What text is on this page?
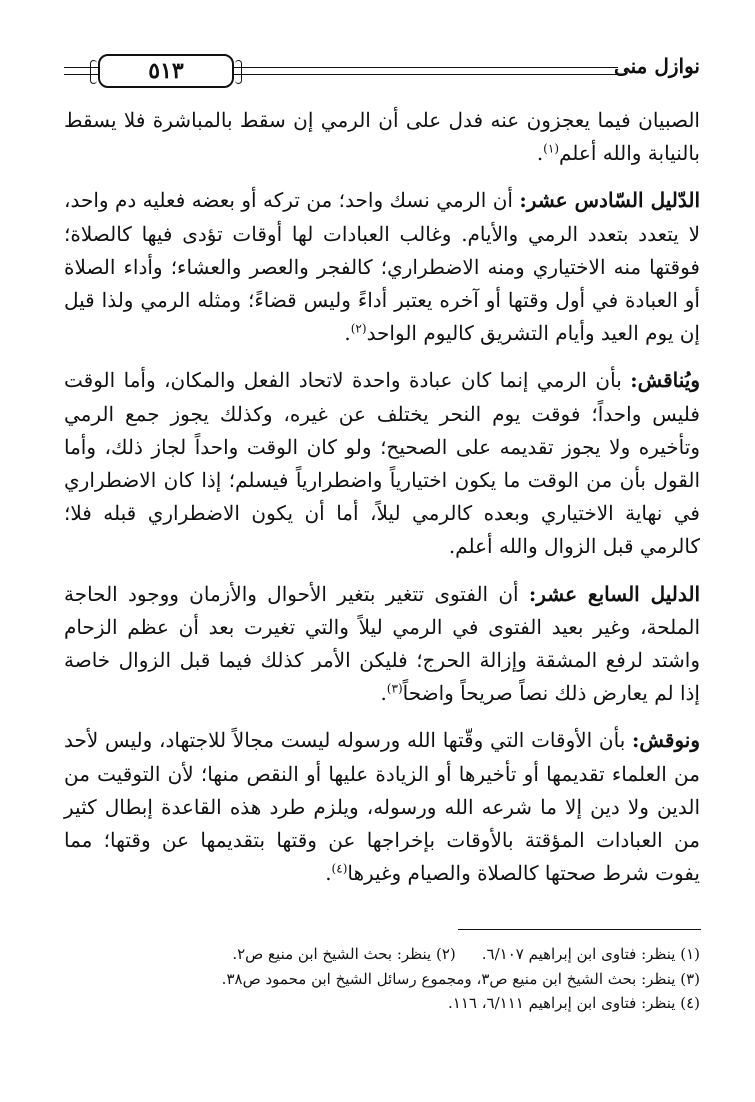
٥١٣	نوازل منى

الصبيان فيما يعجزون عنه فدل على أن الرمي إن سقط بالمباشرة فلا يسقط بالنيابة والله أعلم$^{(١)}$.

الدّليل السّادس عشر: أن الرمي نسك واحد؛ من تركه أو بعضه فعليه دم واحد، لا يتعدد بتعدد الرمي والأيام. وغالب العبادات لها أوقات تؤدى فيها كالصلاة؛ فوقتها منه الاختياري ومنه الاضطراري؛ كالفجر والعصر والعشاء؛ وأداء الصلاة أو العبادة في أول وقتها أو آخره يعتبر أداءً وليس قضاءً؛ ومثله الرمي ولذا قيل إن يوم العيد وأيام التشريق كاليوم الواحد$^{(٢)}$.

ويُناقش: بأن الرمي إنما كان عبادة واحدة لاتحاد الفعل والمكان، وأما الوقت فليس واحداً؛ فوقت يوم النحر يختلف عن غيره، وكذلك يجوز جمع الرمي وتأخيره ولا يجوز تقديمه على الصحيح؛ ولو كان الوقت واحداً لجاز ذلك، وأما القول بأن من الوقت ما يكون اختيارياً واضطرارياً فيسلم؛ إذا كان الاضطراري في نهاية الاختياري وبعده كالرمي ليلاً، أما أن يكون الاضطراري قبله فلا؛ كالرمي قبل الزوال والله أعلم.

الدليل السابع عشر: أن الفتوى تتغير بتغير الأحوال والأزمان ووجود الحاجة الملحة، وغير بعيد الفتوى في الرمي ليلاً والتي تغيرت بعد أن عظم الزحام واشتد لرفع المشقة وإزالة الحرج؛ فليكن الأمر كذلك فيما قبل الزوال خاصة إذا لم يعارض ذلك نصاً صريحاً واضحاً$^{(٣)}$.

ونوقش: بأن الأوقات التي وقّتها الله ورسوله ليست مجالاً للاجتهاد، وليس لأحد من العلماء تقديمها أو تأخيرها أو الزيادة عليها أو النقص منها؛ لأن التوقيت من الدين ولا دين إلا ما شرعه الله ورسوله، ويلزم طرد هذه القاعدة إبطال كثير من العبادات المؤقتة بالأوقات بإخراجها عن وقتها بتقديمها عن وقتها؛ مما يفوت شرط صحتها كالصلاة والصيام وغيرها$^{(٤)}$.

(١) ينظر: فتاوى ابن إبراهيم ٦/١٠٧.(٢) ينظر: بحث الشيخ ابن منيع ص٢.
(٣) ينظر: بحث الشيخ ابن منيع ص٣، ومجموع رسائل الشيخ ابن محمود ص٣٨.
(٤) ينظر: فتاوى ابن إبراهيم ٦/١١١، ١١٦.
